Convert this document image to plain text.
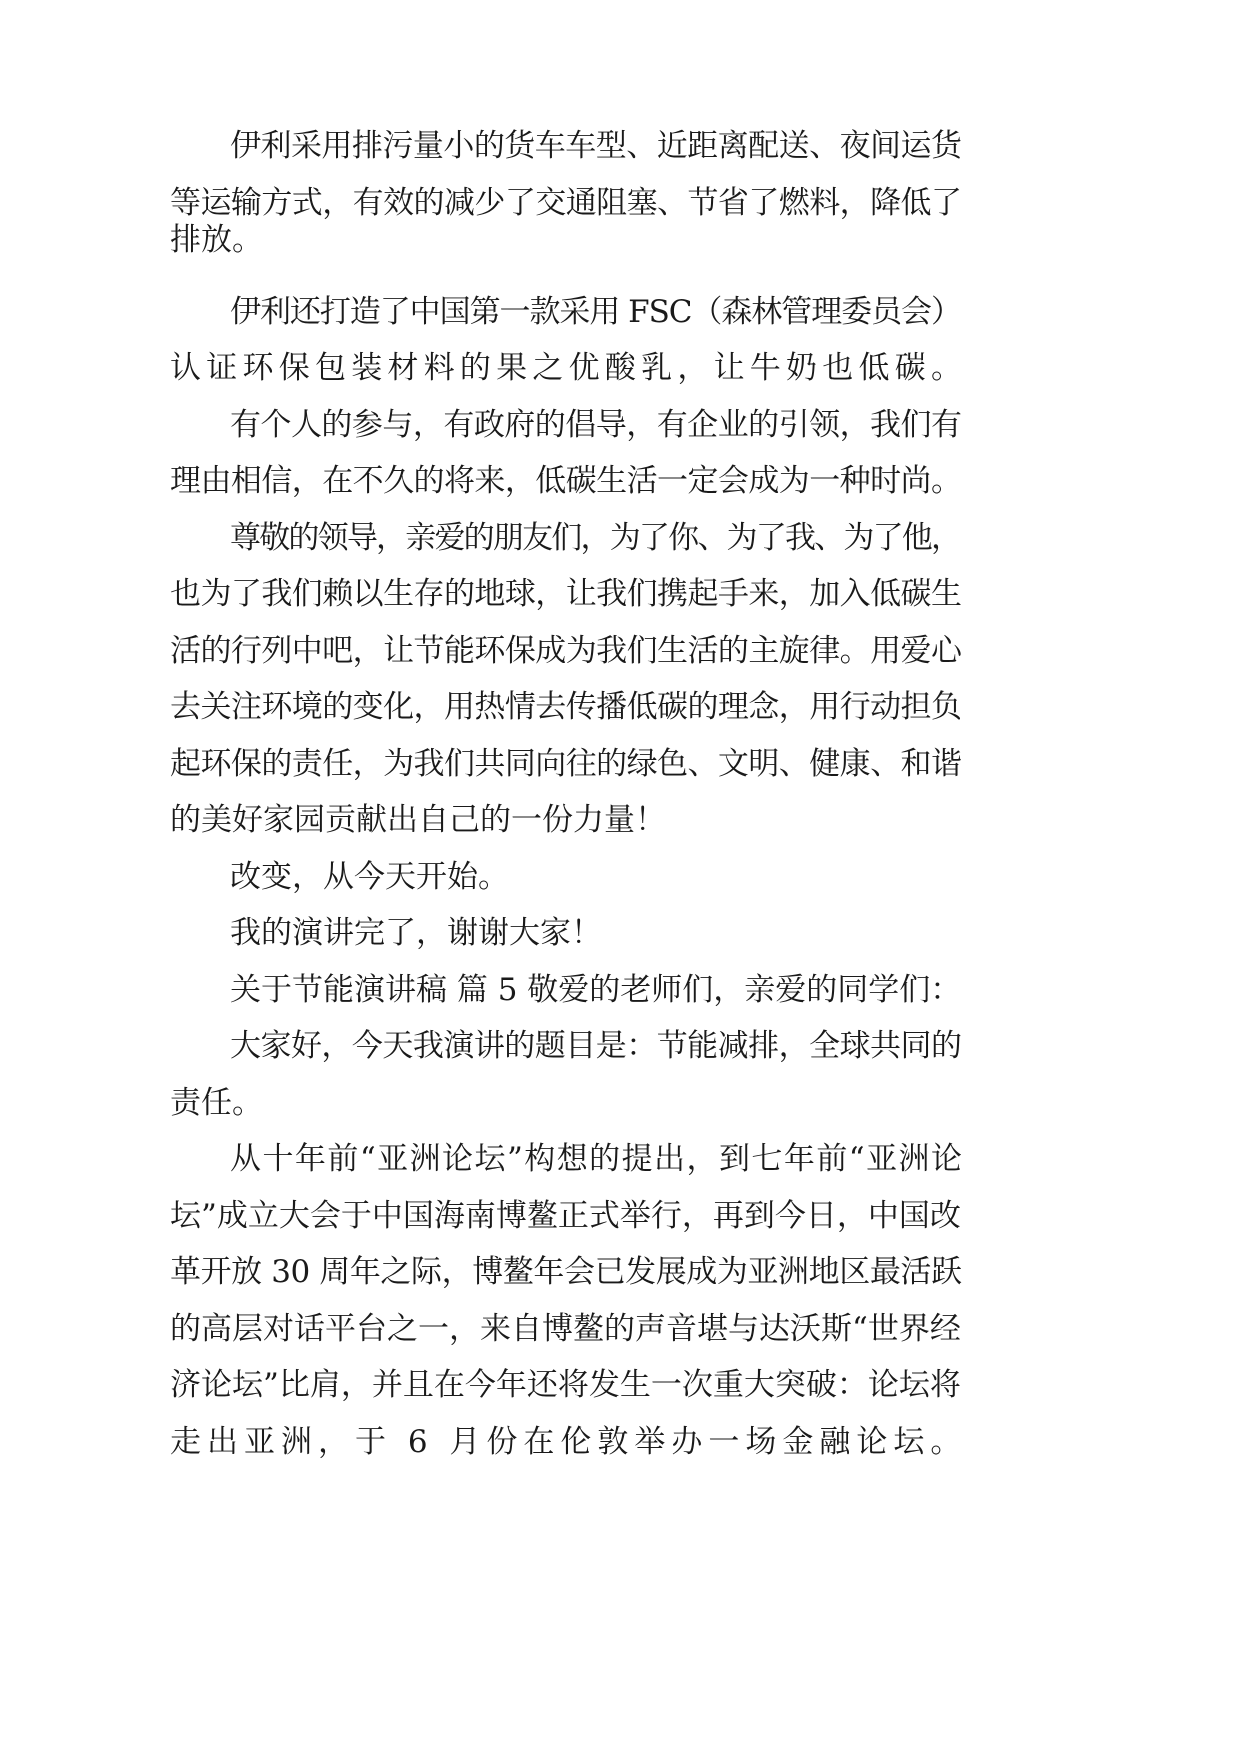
伊利采用排污量小的货车车型、近距离配送、夜间运货
等运输方式，有效的减少了交通阻塞、节省了燃料，降低了
排放。
伊利还打造了中国第一款采用 FSC（森林管理委员会）
认证环保包装材料的果之优酸乳，让牛奶也低碳。
有个人的参与，有政府的倡导，有企业的引领，我们有
理由相信，在不久的将来，低碳生活一定会成为一种时尚。
尊敬的领导，亲爱的朋友们，为了你、为了我、为了他，
也为了我们赖以生存的地球，让我们携起手来，加入低碳生
活的行列中吧，让节能环保成为我们生活的主旋律。用爱心
去关注环境的变化，用热情去传播低碳的理念，用行动担负
起环保的责任，为我们共同向往的绿色、文明、健康、和谐
的美好家园贡献出自己的一份力量！
改变，从今天开始。
我的演讲完了，谢谢大家！
关于节能演讲稿 篇 5 敬爱的老师们，亲爱的同学们：
大家好，今天我演讲的题目是：节能减排，全球共同的
责任。
从十年前“亚洲论坛”构想的提出，到七年前“亚洲论
坛”成立大会于中国海南博鳌正式举行，再到今日，中国改
革开放 30 周年之际，博鳌年会已发展成为亚洲地区最活跃
的高层对话平台之一，来自博鳌的声音堪与达沃斯“世界经
济论坛”比肩，并且在今年还将发生一次重大突破：论坛将
走出亚洲，于 6 月份在伦敦举办一场金融论坛。
